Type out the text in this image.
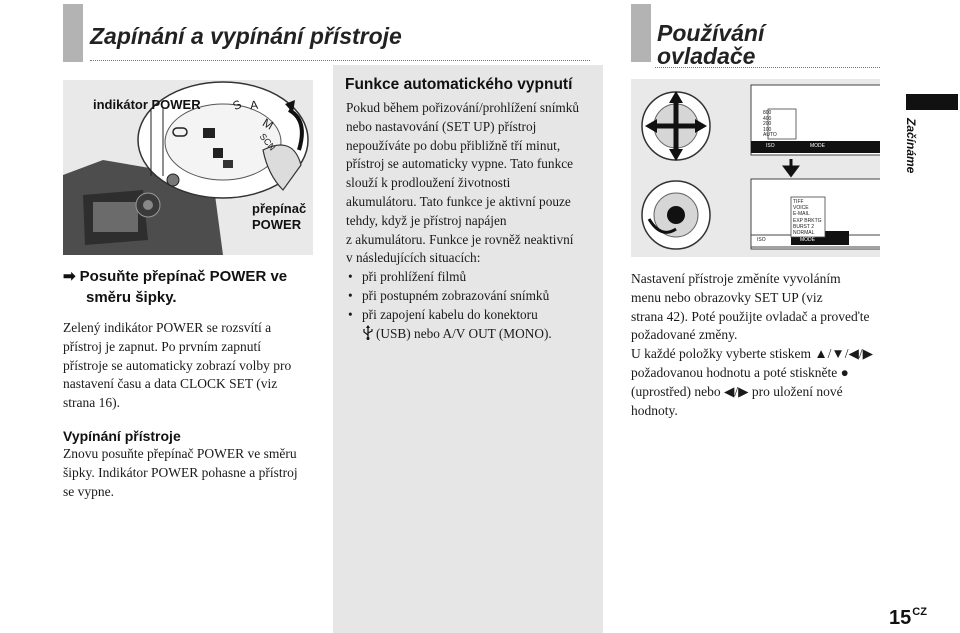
Zapínání a vypínání přístroje
indikátor POWER S A
M
SCN
přepínač
POWER
➡ Posuňte přepínač POWER ve
směru šipky.
Zelený indikátor POWER se rozsvítí a
přístroj je zapnut. Po prvním zapnutí
přístroje se automaticky zobrazí volby pro
nastavení času a data CLOCK SET (viz
strana 16).
Vypínání přístroje
Znovu posuňte přepínač POWER ve směru
šipky. Indikátor POWER pohasne a přístroj
se vypne.
Funkce automatického vypnutí

Pokud během pořizování/prohlížení snímků
nebo nastavování (SET UP) přístroj
nepoužíváte po dobu přibližně tří minut,
přístroj se automaticky vypne. Tato funkce
slouží k prodloužení životnosti
akumulátoru. Tato funkce je aktivní pouze
tehdy, když je přístroj napájen
z akumulátoru. Funkce je rovněž neaktivní
v následujících situacích:

• při prohlížení filmů
• při postupném zobrazování snímků
• při zapojení kabelu do konektoru
(USB) nebo A/V OUT (MONO).
Používání
ovladače
800
400
200
100
AUTO
ISO	MODE
TIFF
VOICE
E-MAIL
EXP BRKTG
BURST 2
NORMAL
ISO	MODE

Nastavení přístroje změníte vyvoláním
menu nebo obrazovky SET UP (viz
strana 42). Poté použijte ovladač a proveďte
požadované změny.
U každé položky vyberte stiskem ▲/▼/◀/▶
požadovanou hodnotu a poté stiskněte ●
(uprostřed) nebo ◀/▶ pro uložení nové
hodnoty.

Začínáme
$15^{CZ}$
